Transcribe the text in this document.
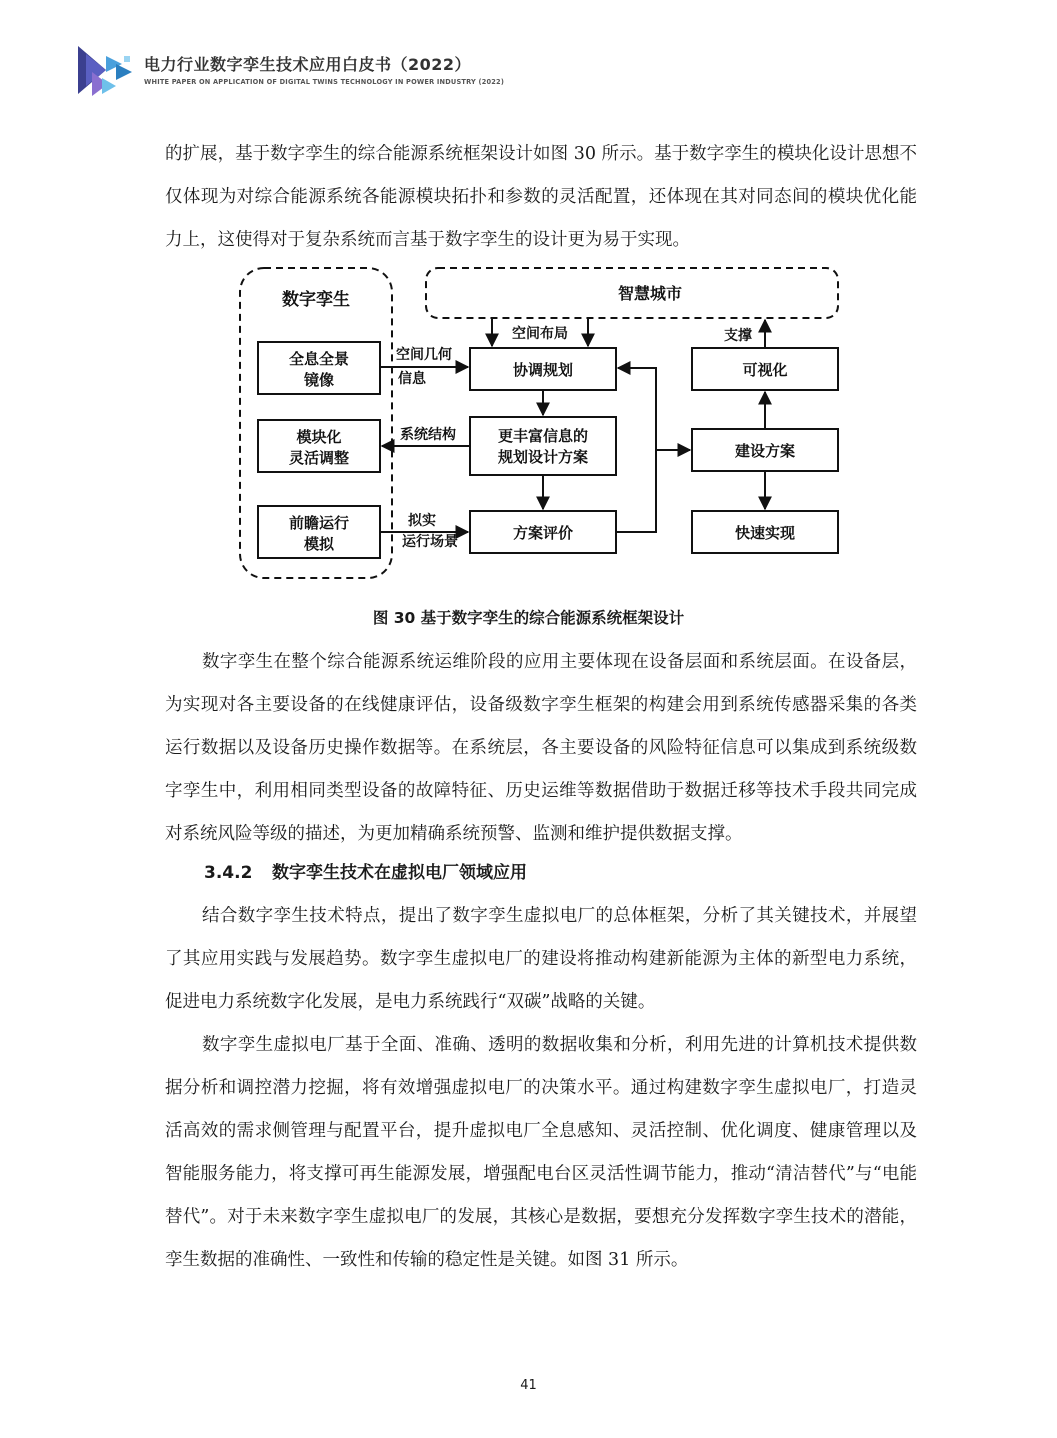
电力行业数字孪生技术应用白皮书（2022）
WHITE PAPER ON APPLICATION OF DIGITAL TWINS TECHNOLOGY IN POWER INDUSTRY (2022)

的扩展，基于数字孪生的综合能源系统框架设计如图 30 所示。基于数字孪生的模块化设计思想不仅体现为对综合能源系统各能源模块拓扑和参数的灵活配置，还体现在其对同态间的模块优化能力上，这使得对于复杂系统而言基于数字孪生的设计更为易于实现。

数字孪生	智慧城市
全息全景
镜像
模块化
灵活调整
前瞻运行
模拟
协调规划
更丰富信息的
规划设计方案
方案评价
可视化
建设方案
快速实现
空间布局
空间几何
信息
系统结构
拟实
运行场景
支撑
图 30 基于数字孪生的综合能源系统框架设计

数字孪生在整个综合能源系统运维阶段的应用主要体现在设备层面和系统层面。在设备层，为实现对各主要设备的在线健康评估，设备级数字孪生框架的构建会用到系统传感器采集的各类运行数据以及设备历史操作数据等。在系统层，各主要设备的风险特征信息可以集成到系统级数字孪生中，利用相同类型设备的故障特征、历史运维等数据借助于数据迁移等技术手段共同完成对系统风险等级的描述，为更加精确系统预警、监测和维护提供数据支撑。

3.4.2 数字孪生技术在虚拟电厂领域应用

结合数字孪生技术特点，提出了数字孪生虚拟电厂的总体框架，分析了其关键技术，并展望了其应用实践与发展趋势。数字孪生虚拟电厂的建设将推动构建新能源为主体的新型电力系统，促进电力系统数字化发展，是电力系统践行“双碳”战略的关键。

数字孪生虚拟电厂基于全面、准确、透明的数据收集和分析，利用先进的计算机技术提供数据分析和调控潜力挖掘，将有效增强虚拟电厂的决策水平。通过构建数字孪生虚拟电厂，打造灵活高效的需求侧管理与配置平台，提升虚拟电厂全息感知、灵活控制、优化调度、健康管理以及智能服务能力，将支撑可再生能源发展，增强配电台区灵活性调节能力，推动“清洁替代”与“电能替代”。对于未来数字孪生虚拟电厂的发展，其核心是数据，要想充分发挥数字孪生技术的潜能，孪生数据的准确性、一致性和传输的稳定性是关键。如图 31 所示。

41
